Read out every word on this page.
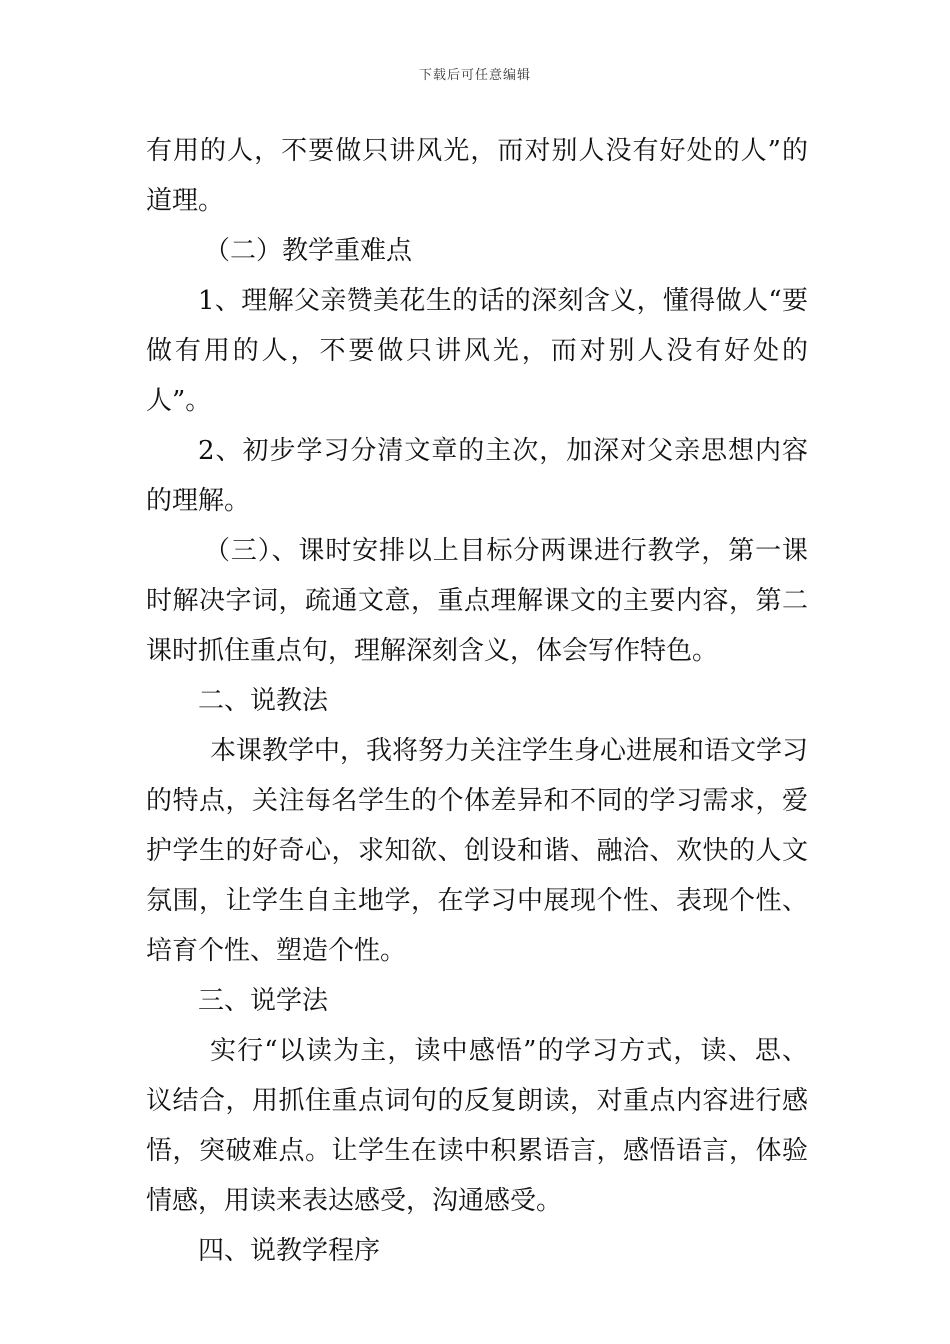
下载后可任意编辑

有用的人，不要做只讲风光，而对别人没有好处的人”的道理。

（二）教学重难点

1、理解父亲赞美花生的话的深刻含义，懂得做人“要做有用的人，不要做只讲风光，而对别人没有好处的人”。

2、初步学习分清文章的主次，加深对父亲思想内容的理解。

（三）、课时安排以上目标分两课进行教学，第一课时解决字词，疏通文意，重点理解课文的主要内容，第二课时抓住重点句，理解深刻含义，体会写作特色。

二、说教法

本课教学中，我将努力关注学生身心进展和语文学习的特点，关注每名学生的个体差异和不同的学习需求，爱护学生的好奇心，求知欲、创设和谐、融洽、欢快的人文氛围，让学生自主地学，在学习中展现个性、表现个性、培育个性、塑造个性。

三、说学法

实行“以读为主，读中感悟”的学习方式，读、思、议结合，用抓住重点词句的反复朗读，对重点内容进行感悟，突破难点。让学生在读中积累语言，感悟语言，体验情感，用读来表达感受，沟通感受。

四、说教学程序
